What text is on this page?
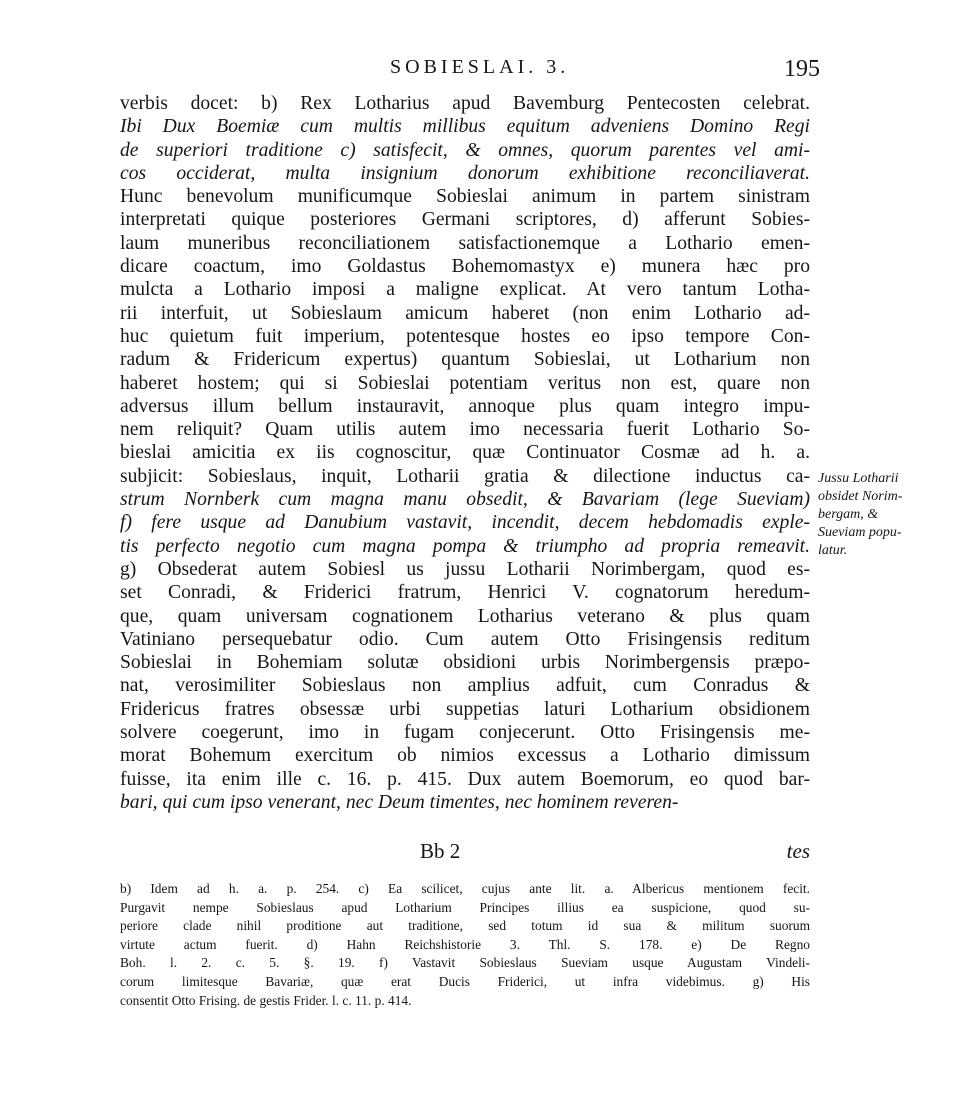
SOBIESLAI. 3.	195
verbis docet: b) Rex Lotharius apud Bavemburg Pentecosten celebrat.
Ibi Dux Boemiæ cum multis millibus equitum adveniens Domino Regi
de superiori traditione c) satisfecit, & omnes, quorum parentes vel ami-
cos occiderat, multa insignium donorum exhibitione reconciliaverat.
Hunc benevolum munificumque Sobieslai animum in partem sinistram
interpretati quique posteriores Germani scriptores, d) afferunt Sobies-
laum muneribus reconciliationem satisfactionemque a Lothario emen-
dicare coactum, imo Goldastus Bohemomastyx e) munera hæc pro
mulcta a Lothario imposi a maligne explicat. At vero tantum Lotha-
rii interfuit, ut Sobieslaum amicum haberet (non enim Lothario ad-
huc quietum fuit imperium, potentesque hostes eo ipso tempore Con-
radum & Fridericum expertus) quantum Sobieslai, ut Lotharium non
haberet hostem; qui si Sobieslai potentiam veritus non est, quare non
adversus illum bellum instauravit, annoque plus quam integro impu-
nem reliquit? Quam utilis autem imo necessaria fuerit Lothario So-
bieslai amicitia ex iis cognoscitur, quæ Continuator Cosmæ ad h. a.
subjicit: Sobieslaus, inquit, Lotharii gratia & dilectione inductus ca-
strum Nornberk cum magna manu obsedit, & Bavariam (lege Sueviam)
f) fere usque ad Danubium vastavit, incendit, decem hebdomadis exple-
tis perfecto negotio cum magna pompa & triumpho ad propria remeavit.
g) Obsederat autem Sobiesl us jussu Lotharii Norimbergam, quod es-
set Conradi, & Friderici fratrum, Henrici V. cognatorum heredum-
que, quam universam cognationem Lotharius veterano & plus quam
Vatiniano persequebatur odio. Cum autem Otto Frisingensis reditum
Sobieslai in Bohemiam solutæ obsidioni urbis Norimbergensis præpo-
nat, verosimiliter Sobieslaus non amplius adfuit, cum Conradus &
Fridericus fratres obsessæ urbi suppetias laturi Lotharium obsidionem
solvere coegerunt, imo in fugam conjecerunt. Otto Frisingensis me-
morat Bohemum exercitum ob nimios excessus a Lothario dimissum
fuisse, ita enim ille c. 16. p. 415. Dux autem Boemorum, eo quod bar-
bari, qui cum ipso venerant, nec Deum timentes, nec hominem reveren-
Jussu Lotharii
obsidet Norim-
bergam, &
Sueviam popu-
latur.
Bb 2	tes
b) Idem ad h. a. p. 254. c) Ea scilicet, cujus ante lit. a. Albericus mentionem fecit.
Purgavit nempe Sobieslaus apud Lotharium Principes illius ea suspicione, quod su-
periore clade nihil proditione aut traditione, sed totum id sua & militum suorum
virtute actum fuerit. d) Hahn Reichshistorie 3. Thl. S. 178. e) De Regno
Boh. l. 2. c. 5. §. 19. f) Vastavit Sobieslaus Sueviam usque Augustam Vindeli-
corum limitesque Bavariæ, quæ erat Ducis Friderici, ut infra videbimus. g) His
consentit Otto Frising. de gestis Frider. l. c. 11. p. 414.
